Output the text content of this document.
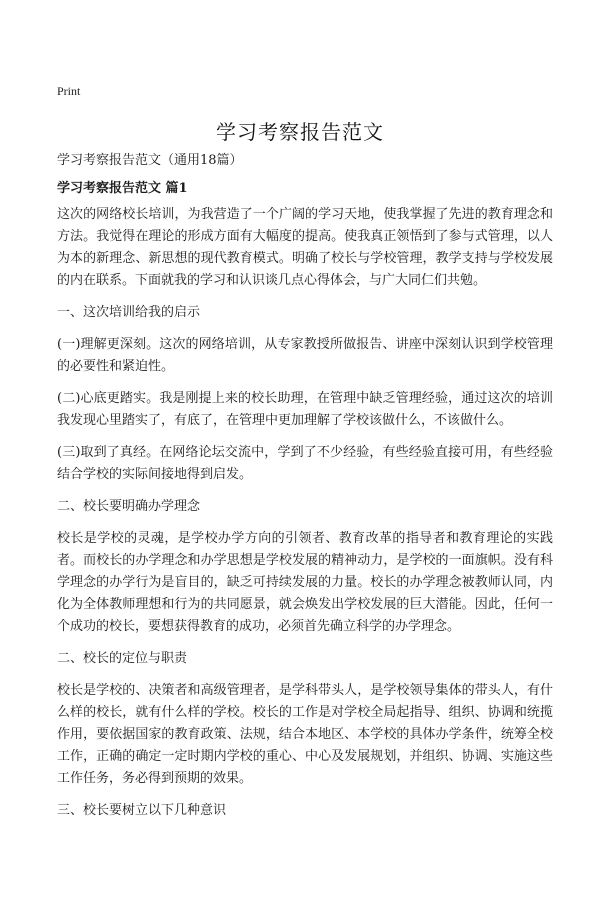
Print
学习考察报告范文

学习考察报告范文（通用18篇）

学习考察报告范文 篇1

这次的网络校长培训，为我营造了一个广阔的学习天地，使我掌握了先进的教育理念和方法。我觉得在理论的形成方面有大幅度的提高。使我真正领悟到了参与式管理，以人为本的新理念、新思想的现代教育模式。明确了校长与学校管理，教学支持与学校发展的内在联系。下面就我的学习和认识谈几点心得体会，与广大同仁们共勉。

一、这次培训给我的启示

(一)理解更深刻。这次的网络培训，从专家教授所做报告、讲座中深刻认识到学校管理的必要性和紧迫性。

(二)心底更踏实。我是刚提上来的校长助理，在管理中缺乏管理经验，通过这次的培训我发现心里踏实了，有底了，在管理中更加理解了学校该做什么，不该做什么。

(三)取到了真经。在网络论坛交流中，学到了不少经验，有些经验直接可用，有些经验结合学校的实际间接地得到启发。

二、校长要明确办学理念

校长是学校的灵魂，是学校办学方向的引领者、教育改革的指导者和教育理论的实践者。而校长的办学理念和办学思想是学校发展的精神动力，是学校的一面旗帜。没有科学理念的办学行为是盲目的，缺乏可持续发展的力量。校长的办学理念被教师认同，内化为全体教师理想和行为的共同愿景，就会焕发出学校发展的巨大潜能。因此，任何一个成功的校长，要想获得教育的成功，必须首先确立科学的办学理念。

二、校长的定位与职责

校长是学校的、决策者和高级管理者，是学科带头人，是学校领导集体的带头人，有什么样的校长，就有什么样的学校。校长的工作是对学校全局起指导、组织、协调和统揽作用，要依据国家的教育政策、法规，结合本地区、本学校的具体办学条件，统筹全校工作，正确的确定一定时期内学校的重心、中心及发展规划，并组织、协调、实施这些工作任务，务必得到预期的效果。

三、校长要树立以下几种意识
